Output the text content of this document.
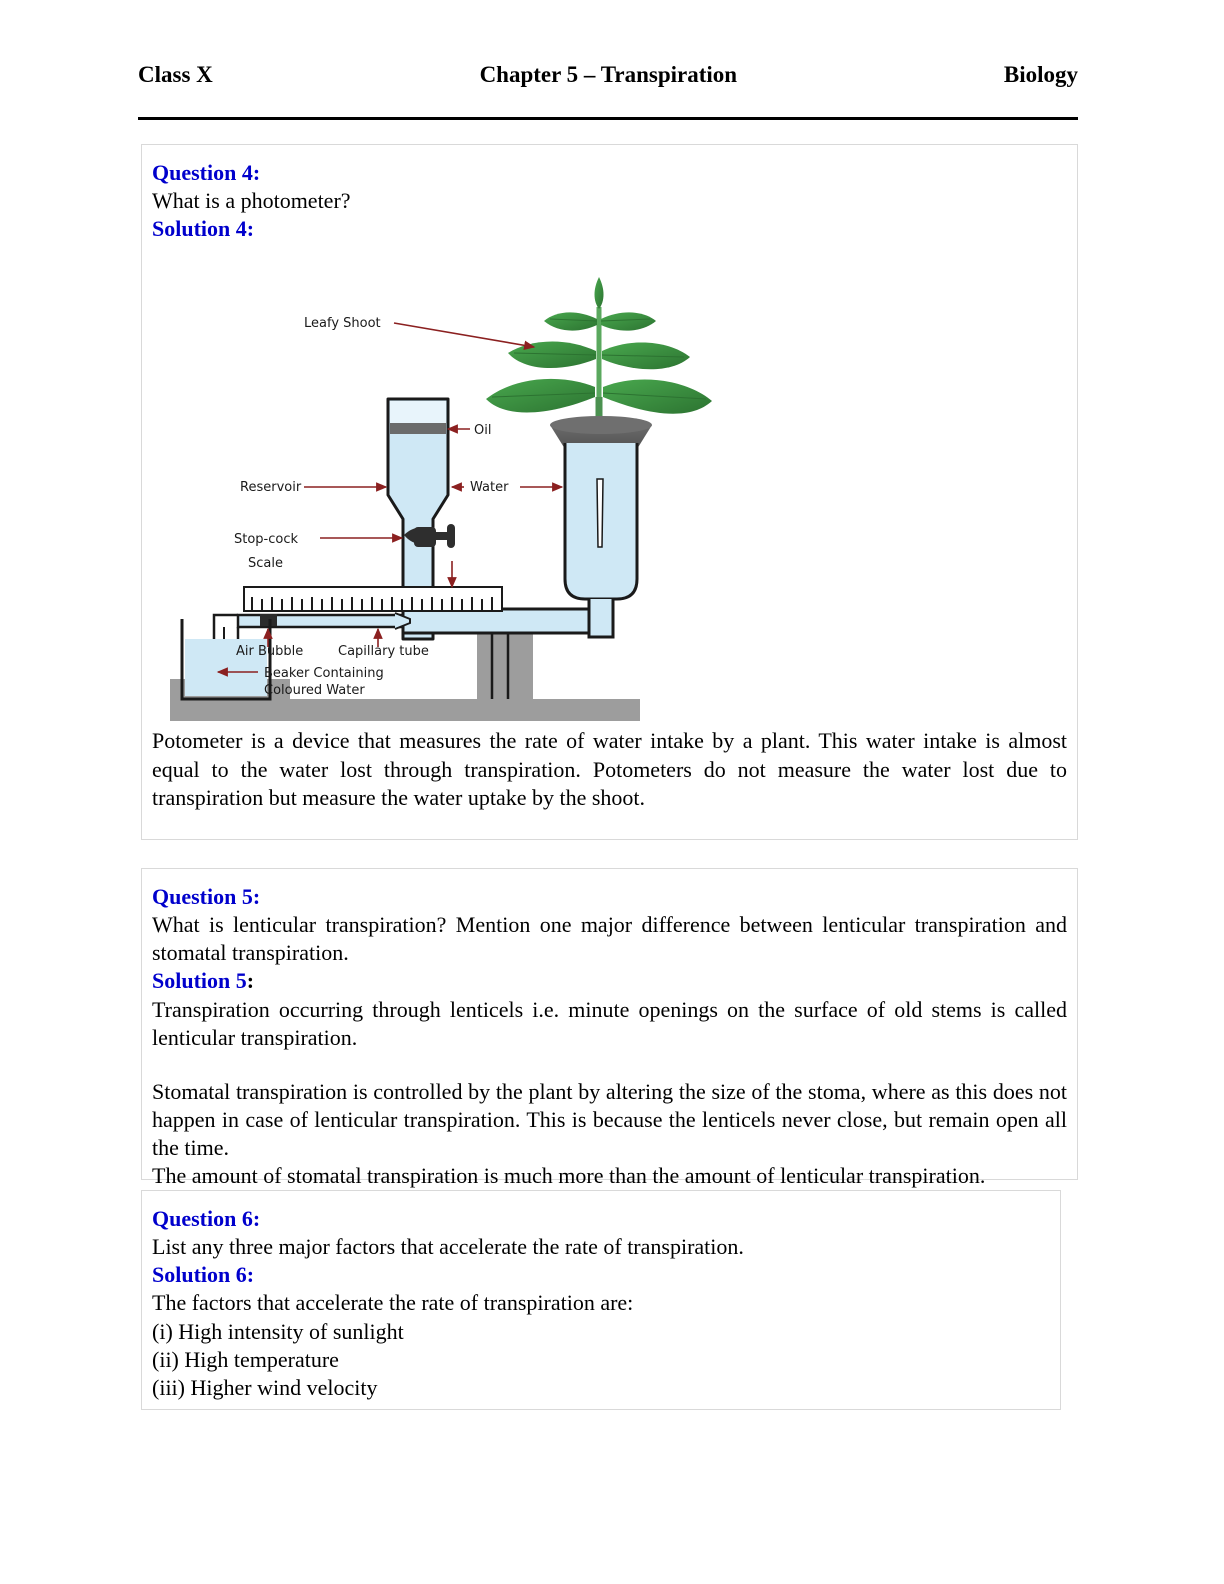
Class X	Chapter 5 – Transpiration	Biology
Question 4:
What is a photometer?
Solution 4:
Leafy Shoot
Oil
Reservoir	Water
Stop-cock
Scale
Air Bubble	Capillary tube
Beaker Containing
Coloured Water
Potometer is a device that measures the rate of water intake by a plant. This water intake is almost equal to the water lost through transpiration. Potometers do not measure the water lost due to transpiration but measure the water uptake by the shoot.
Question 5:
What is lenticular transpiration? Mention one major difference between lenticular transpiration and stomatal transpiration.
Solution 5:
Transpiration occurring through lenticels i.e. minute openings on the surface of old stems is called lenticular transpiration.
Stomatal transpiration is controlled by the plant by altering the size of the stoma, where as this does not happen in case of lenticular transpiration. This is because the lenticels never close, but remain open all the time.
The amount of stomatal transpiration is much more than the amount of lenticular transpiration.
Question 6:
List any three major factors that accelerate the rate of transpiration.
Solution 6:
The factors that accelerate the rate of transpiration are:
(i) High intensity of sunlight
(ii) High temperature
(iii) Higher wind velocity
